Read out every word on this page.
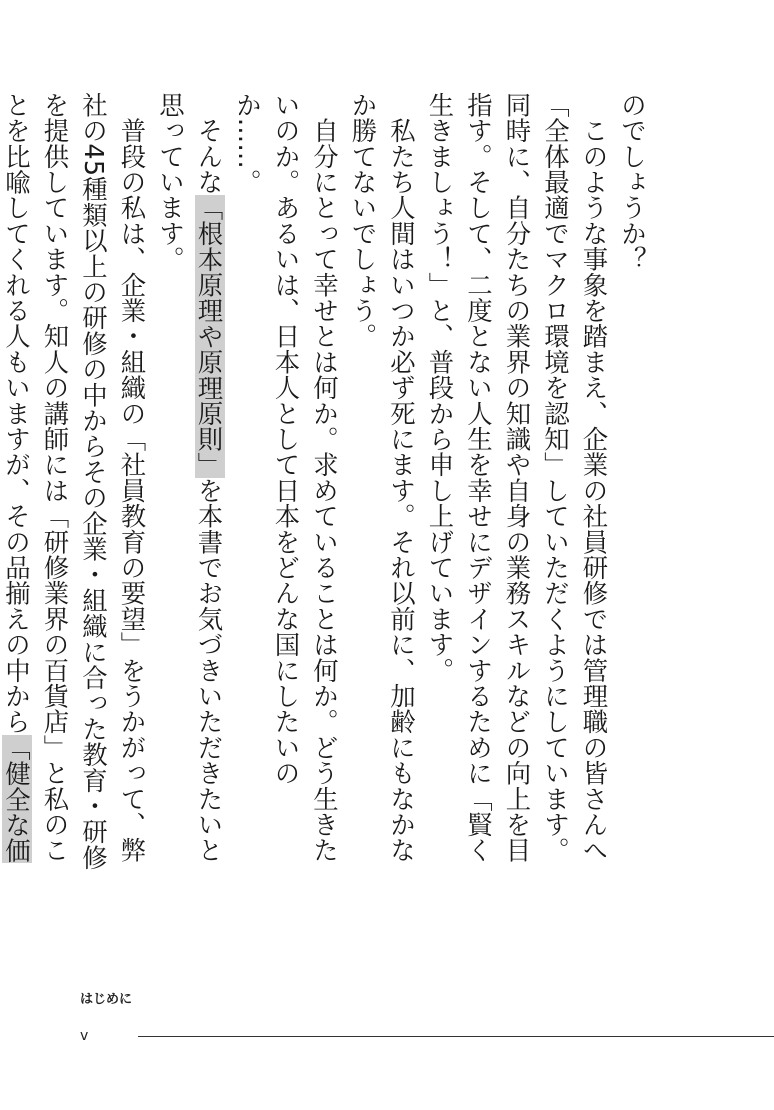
のでしょうか？

　このような事象を踏まえ、企業の社員研修では管理職の皆さんへ「全体最適でマクロ環境を認知」していただくようにしています。同時に、自分たちの業界の知識や自身の業務スキルなどの向上を目指す。そして、二度とない人生を幸せにデザインするために「賢く生きましょう！」と、普段から申し上げています。

　私たち人間はいつか必ず死にます。それ以前に、加齢にもなかなか勝てないでしょう。

　自分にとって幸せとは何か。求めていることは何か。どう生きたいのか。あるいは、日本人として日本をどんな国にしたいのか……。

　そんな「根本原理や原理原則」を本書でお気づきいただきたいと思っています。

　普段の私は、企業・組織の「社員教育の要望」をうかがって、弊社の45種類以上の研修の中からその企業・組織に合った教育・研修を提供しています。知人の講師には「研修業界の百貨店」と私のことを比喩してくれる人もいますが、その品揃えの中から「健全な価

はじめに
v
